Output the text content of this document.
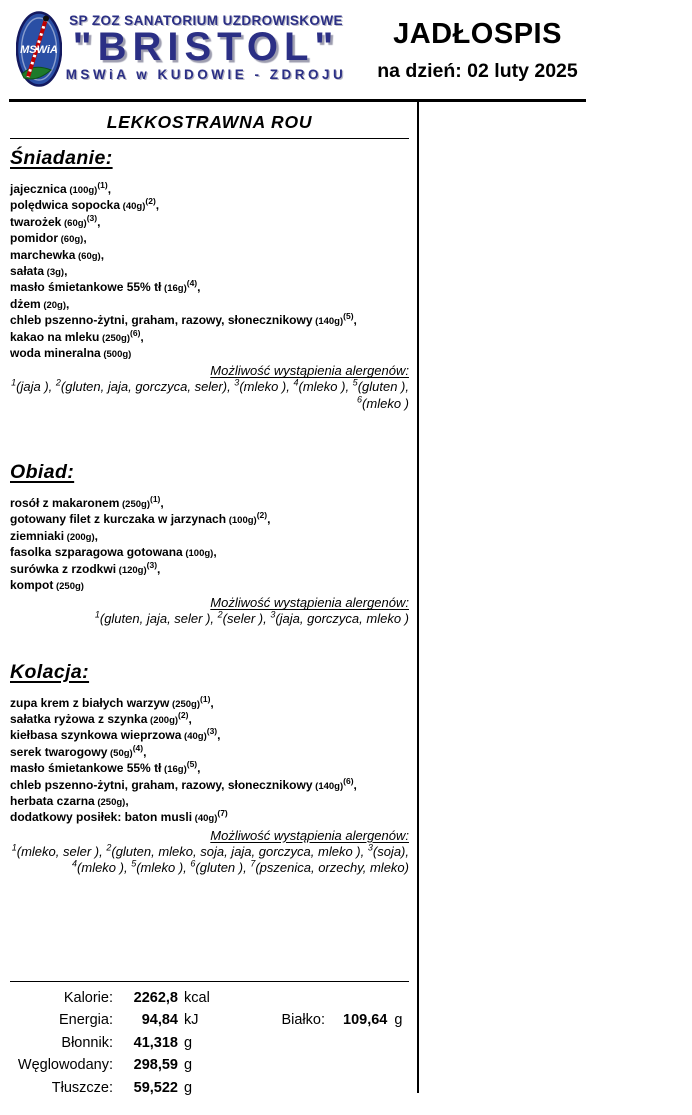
MSWiA
SP ZOZ SANATORIUM UZDROWISKOWE
"BRISTOL"
MSWiA w KUDOWIE - ZDROJU
JADŁOSPIS
na dzień: 02 luty 2025
LEKKOSTRAWNA ROU
Śniadanie:
jajecznica $(100g)^{(1)}$,
polędwica sopocka $(40g)^{(2)}$,
twarożek $(60g)^{(3)}$,
pomidor (60g),
marchewka (60g),
sałata (3g),
masło śmietankowe 55% tł $(16g)^{(4)}$,
dżem (20g),
chleb pszenno-żytni, graham, razowy, słonecznikowy $(140g)^{(5)}$,
kakao na mleku $(250g)^{(6)}$,
woda mineralna (500g)
Możliwość wystąpienia alergenów:
$^1$(jaja ), $^2$(gluten, jaja, gorczyca, seler), $^3$(mleko ), $^4$(mleko ), $^5$(gluten ),
$^6$(mleko )
Obiad:
rosół z makaronem $(250g)^{(1)}$,
gotowany filet z kurczaka w jarzynach $(100g)^{(2)}$,
ziemniaki (200g),
fasolka szparagowa gotowana (100g),
surówka z rzodkwi $(120g)^{(3)}$,
kompot (250g)
Możliwość wystąpienia alergenów:
$^1$(gluten, jaja, seler ), $^2$(seler ), $^3$(jaja, gorczyca, mleko )
Kolacja:
zupa krem z białych warzyw $(250g)^{(1)}$,
sałatka ryżowa z szynka $(200g)^{(2)}$,
kiełbasa szynkowa wieprzowa $(40g)^{(3)}$,
serek twarogowy $(50g)^{(4)}$,
masło śmietankowe 55% tł $(16g)^{(5)}$,
chleb pszenno-żytni, graham, razowy, słonecznikowy $(140g)^{(6)}$,
herbata czarna (250g),
dodatkowy posiłek: baton musli $(40g)^{(7)}$
Możliwość wystąpienia alergenów:
$^1$(mleko, seler ), $^2$(gluten, mleko, soja, jaja, gorczyca, mleko ), $^3$(soja),
$^4$(mleko ), $^5$(mleko ), $^6$(gluten ), $^7$(pszenica, orzechy, mleko)
Kalorie:	2262,8 kcal
Energia:	94,84 kJ	Białko: 109,64 g
Błonnik:	41,318 g
Węglowodany:	298,59 g
Tłuszcze:	59,522 g
